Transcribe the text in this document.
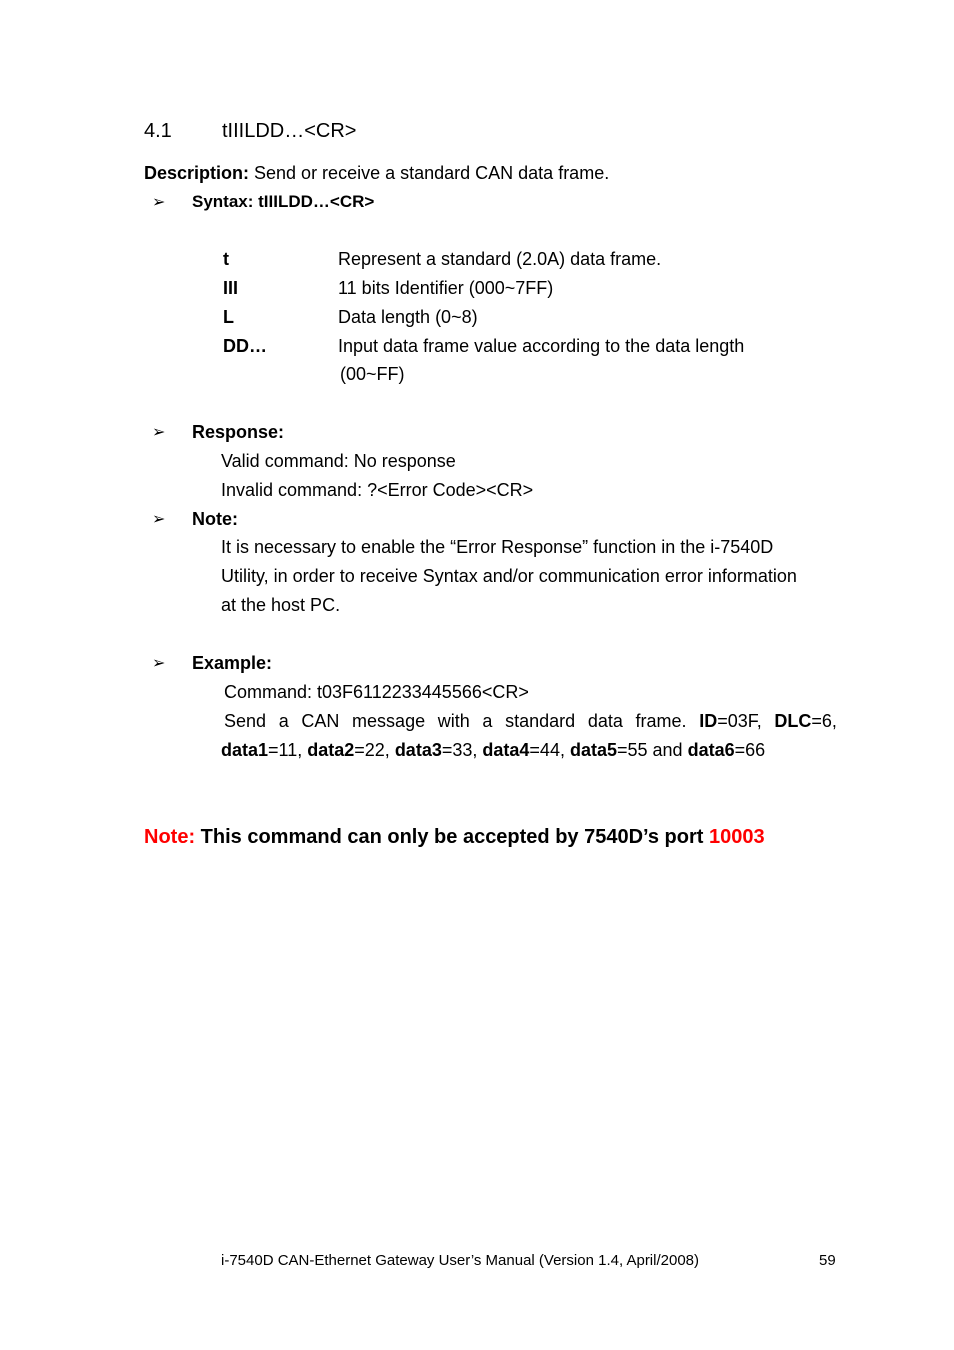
4.1	tIIILDD…<CR>
Description: Send or receive a standard CAN data frame.
➢ Syntax: tIIILDD…<CR>
t	Represent a standard (2.0A) data frame.
III	11 bits Identifier (000~7FF)
L	Data length (0~8)
DD…	Input data frame value according to the data length
(00~FF)
➢ Response:
Valid command: No response
Invalid command: ?<Error Code><CR>
➢ Note:
It is necessary to enable the “Error Response” function in the i-7540D
Utility, in order to receive Syntax and/or communication error information
at the host PC.
➢ Example:
Command: t03F6112233445566<CR>
Send a CAN message with a standard data frame. ID=03F, DLC=6,
data1=11, data2=22, data3=33, data4=44, data5=55 and data6=66
Note: This command can only be accepted by 7540D’s port 10003
i-7540D CAN-Ethernet Gateway User’s Manual (Version 1.4, April/2008)	59
